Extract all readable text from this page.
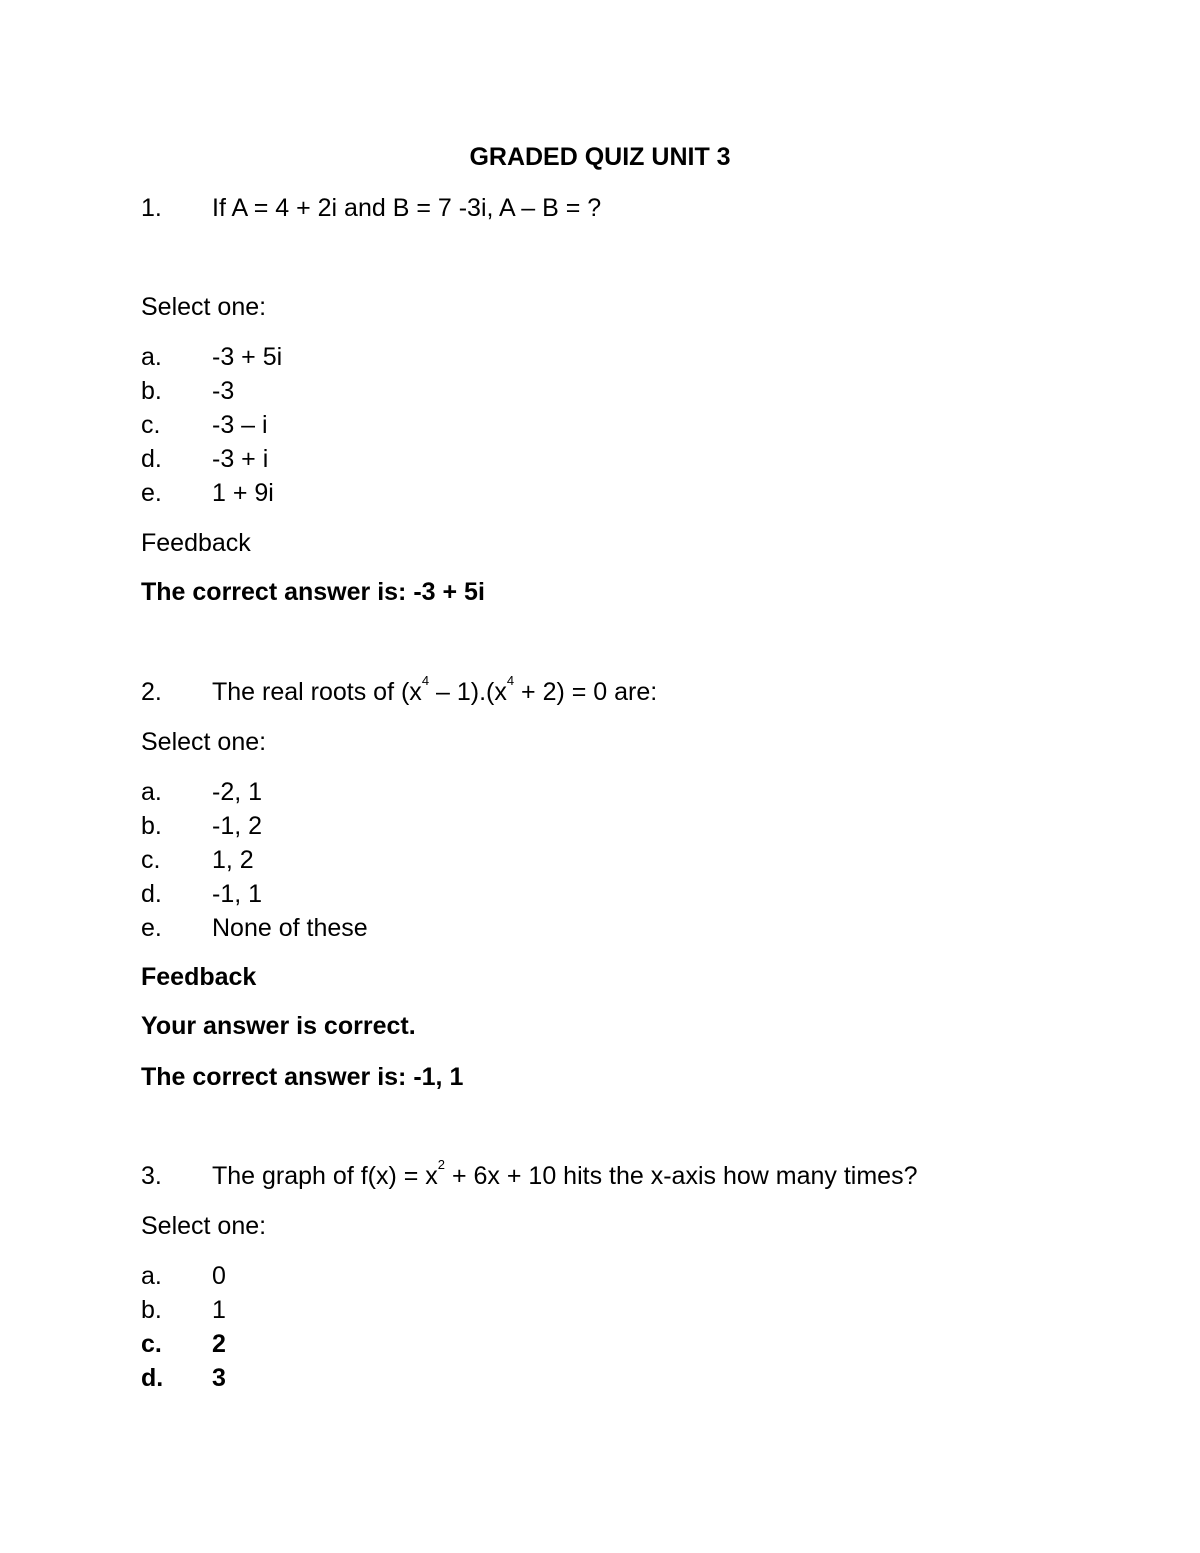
GRADED QUIZ UNIT 3
1. If A = 4 + 2i and B = 7 -3i, A – B = ?
Select one:
a. -3 + 5i
b. -3
c. -3 – i
d. -3 + i
e. 1 + 9i
Feedback
The correct answer is: -3 + 5i
2. The real roots of $(x^4 - 1).(x^4 + 2) = 0$ are:
Select one:
a. -2, 1
b. -1, 2
c. 1, 2
d. -1, 1
e. None of these
Feedback
Your answer is correct.
The correct answer is: -1, 1
3. The graph of $f(x) = x^2 + 6x + 10$ hits the x-axis how many times?
Select one:
a. 0
b. 1
c. 2
d. 3
